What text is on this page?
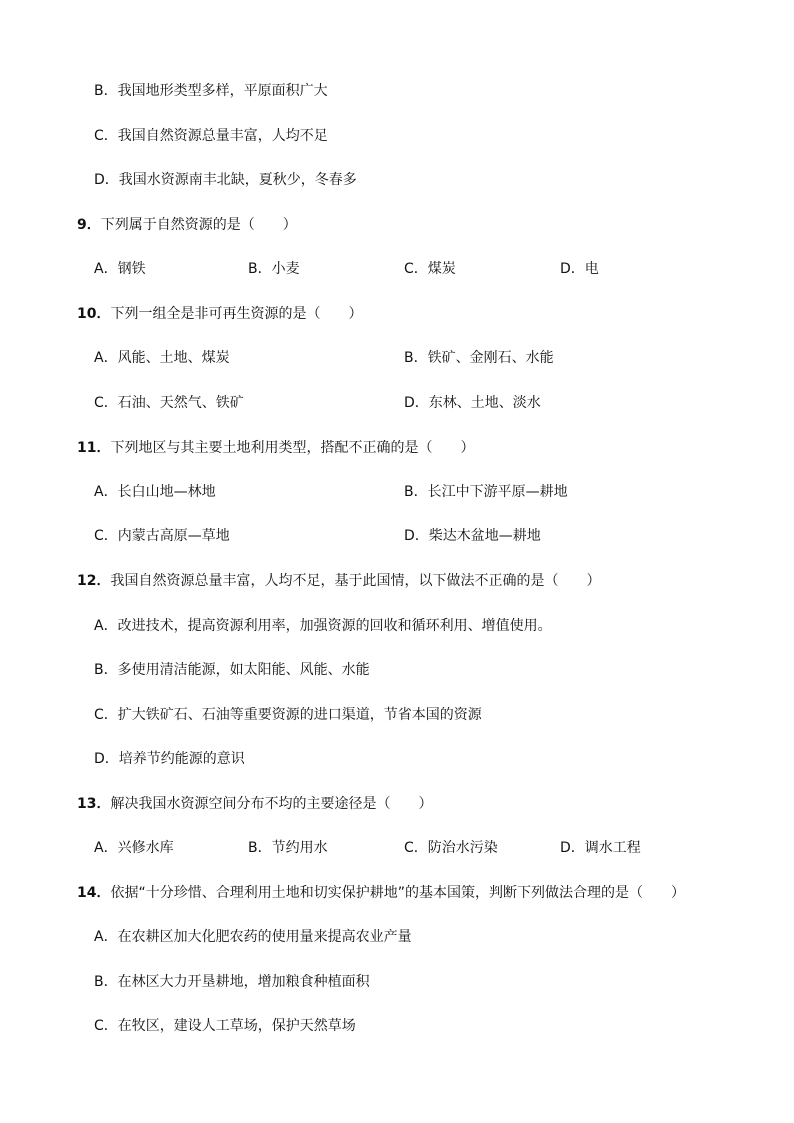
B．我国地形类型多样，平原面积广大
C．我国自然资源总量丰富，人均不足
D．我国水资源南丰北缺，夏秋少，冬春多
9．下列属于自然资源的是（　　）
A．钢铁	B．小麦	C．煤炭	D．电
10．下列一组全是非可再生资源的是（　　）
A．风能、土地、煤炭	B．铁矿、金刚石、水能
C．石油、天然气、铁矿	D．东林、土地、淡水
11．下列地区与其主要土地利用类型，搭配不正确的是（　　）
A．长白山地—林地	B．长江中下游平原—耕地
C．内蒙古高原—草地	D．柴达木盆地—耕地
12．我国自然资源总量丰富，人均不足，基于此国情，以下做法不正确的是（　　）
A．改进技术，提高资源利用率，加强资源的回收和循环利用、增值使用。
B．多使用清洁能源，如太阳能、风能、水能
C．扩大铁矿石、石油等重要资源的进口渠道，节省本国的资源
D．培养节约能源的意识
13．解决我国水资源空间分布不均的主要途径是（　　）
A．兴修水库	B．节约用水	C．防治水污染	D．调水工程
14．依据“十分珍惜、合理利用土地和切实保护耕地”的基本国策，判断下列做法合理的是（　　）
A．在农耕区加大化肥农药的使用量来提高农业产量
B．在林区大力开垦耕地，增加粮食种植面积
C．在牧区，建设人工草场，保护天然草场
